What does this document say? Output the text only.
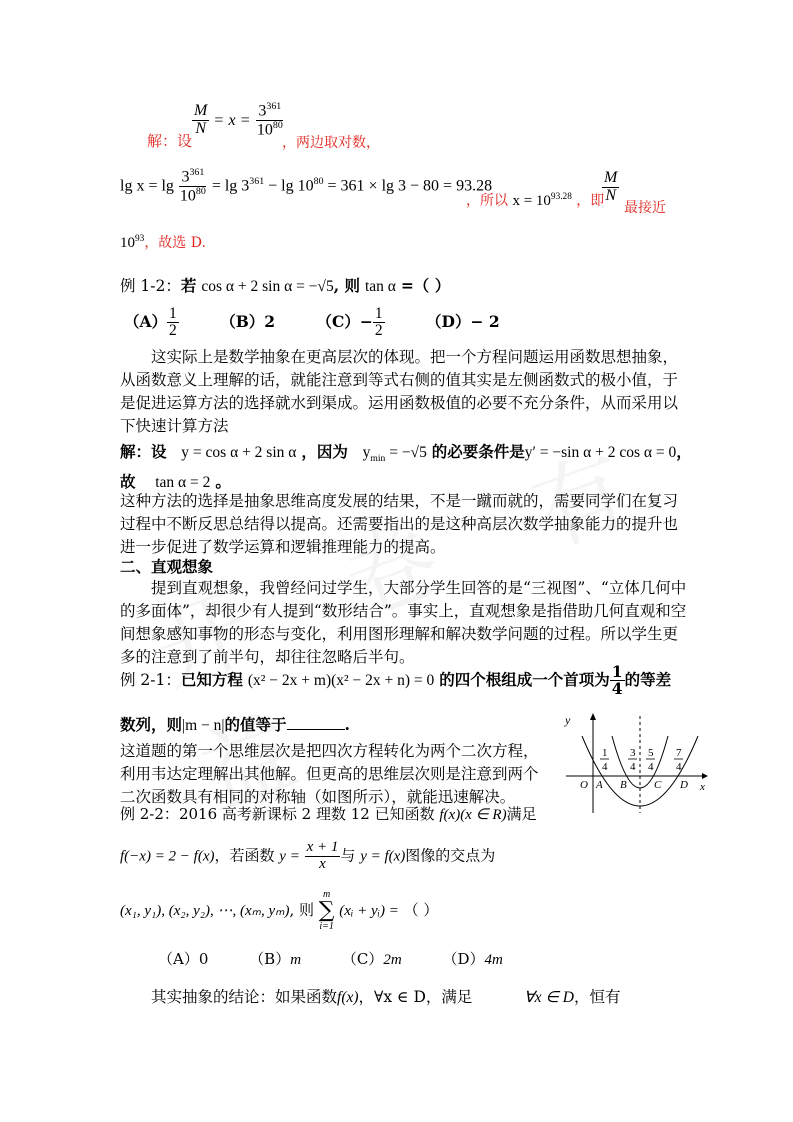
解：设
$\frac{M}{N} = x = \frac{3^{361}}{10^{80}}$
，两边取对数，
$\lg x = \lg \frac{3^{361}}{10^{80}} = \lg 3^{361} - \lg 10^{80} = 361 \times \lg 3 - 80 = 93.28$
，所以 $x = 10^{93.28}$ ，即
$\frac{M}{N}$
最接近
$10^{93}$，故选 D.
例 1-2：若 cos α + 2 sin α = −√5, 则 tan α =（ ）
$(A) \frac{1}{2}$	（B）2	$(C)- \frac{1}{2}$	（D）− 2
这实际上是数学抽象在更高层次的体现。把一个方程问题运用函数思想抽象，从函数意义上理解的话，就能注意到等式右侧的值其实是左侧函数式的极小值，于是促进运算方法的选择就水到渠成。运用函数极值的必要不充分条件，从而采用以下快速计算方法
解：设 y = cos α + 2 sin α ，因为 $y_{min} = -√5$ 的必要条件是y′ = −sin α + 2 cos α = 0，
故 tan α = 2 。
这种方法的选择是抽象思维高度发展的结果，不是一蹴而就的，需要同学们在复习过程中不断反思总结得以提高。还需要指出的是这种高层次数学抽象能力的提升也进一步促进了数学运算和逻辑推理能力的提高。
二、直观想象
提到直观想象，我曾经问过学生，大部分学生回答的是“三视图”、“立体几何中的多面体”，却很少有人提到“数形结合”。事实上，直观想象是指借助几何直观和空间想象感知事物的形态与变化，利用图形理解和解决数学问题的过程。所以学生更多的注意到了前半句，却往往忽略后半句。
例 2-1：已知方程 (x² − 2x + m)(x² − 2x + n) = 0 的四个根组成一个首项为 $\frac{1}{4}$ 的等差
数列，则|m − n|的值等于	.
这道题的第一个思维层次是把四次方程转化为两个二次方程，利用韦达定理解出其他解。但更高的思维层次则是注意到两个二次函数具有相同的对称轴（如图所示），就能迅速解决。
y
x
O A B C D
1
4
3
4
5
4
7
4
例 2-2：2016 高考新课标 2 理数 12 已知函数 f(x)(x ∈ R)满足
f(−x) = 2 − f(x)，若函数 $y = \frac{x + 1}{x}$ 与 y = f(x)图像的交点为
(x₁, y₁), (x₂, y₂), ⋯, (xₘ, yₘ), 则
m
∑
i=1
(xᵢ + yᵢ) = （ ）
（A）0	（B）m	（C）2m	（D）4m
其实抽象的结论：如果函数f(x)，∀x ∈ D，满足	∀x ∈ D，恒有
